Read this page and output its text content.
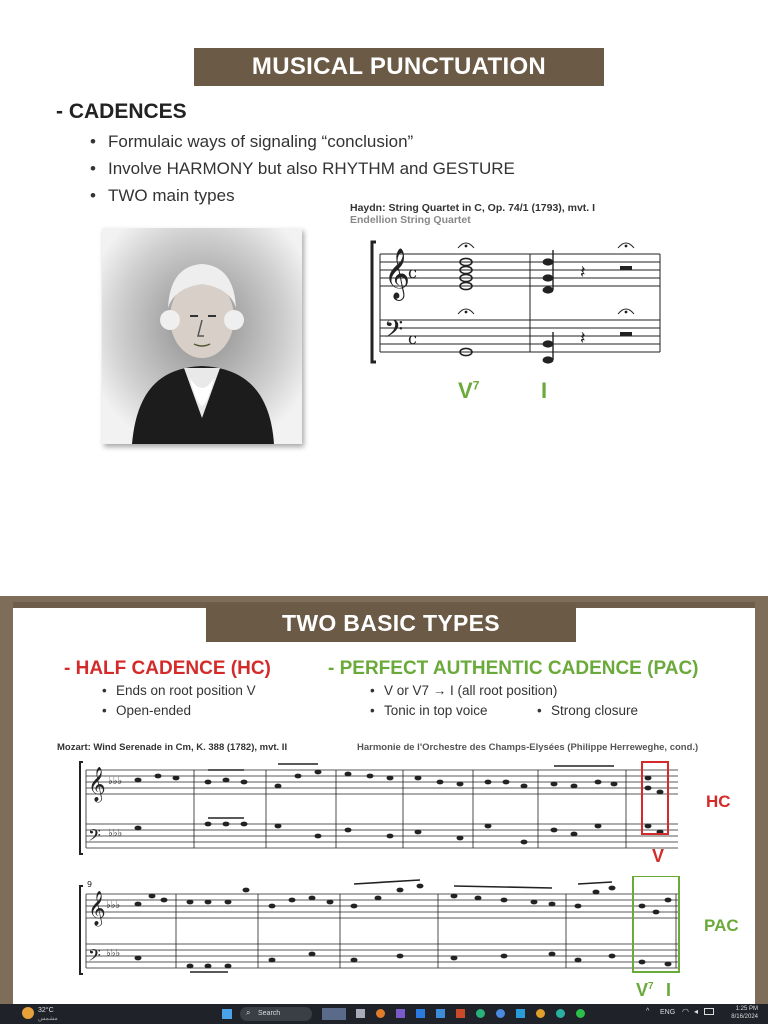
MUSICAL PUNCTUATION
- CADENCES
• Formulaic ways of signaling “conclusion”
• Involve HARMONY but also RHYTHM and GESTURE
• TWO main types
Haydn: String Quartet in C, Op. 74/1 (1793), mvt. I
Endellion String Quartet
𝄞
𝄢
c
c
𝄽
𝄽
$V^7$	I
TWO BASIC TYPES
- HALF CADENCE (HC)
• Ends on root position V
• Open-ended
- PERFECT AUTHENTIC CADENCE (PAC)
• V or V7 → I (all root position)
• Tonic in top voice
•	Strong closure
Mozart: Wind Serenade in Cm, K. 388 (1782), mvt. II	Harmonie de l'Orchestre des Champs-Elysées (Philippe Herreweghe, cond.)
𝄞
𝄢
♭♭♭
♭♭♭
HC
V
9
𝄞
𝄢
♭♭♭
♭♭♭
PAC
$V^7$ I
32°C
مشمس
⌕ Search	^ ENG ◠ ◂	1:25 PM
8/16/2024
